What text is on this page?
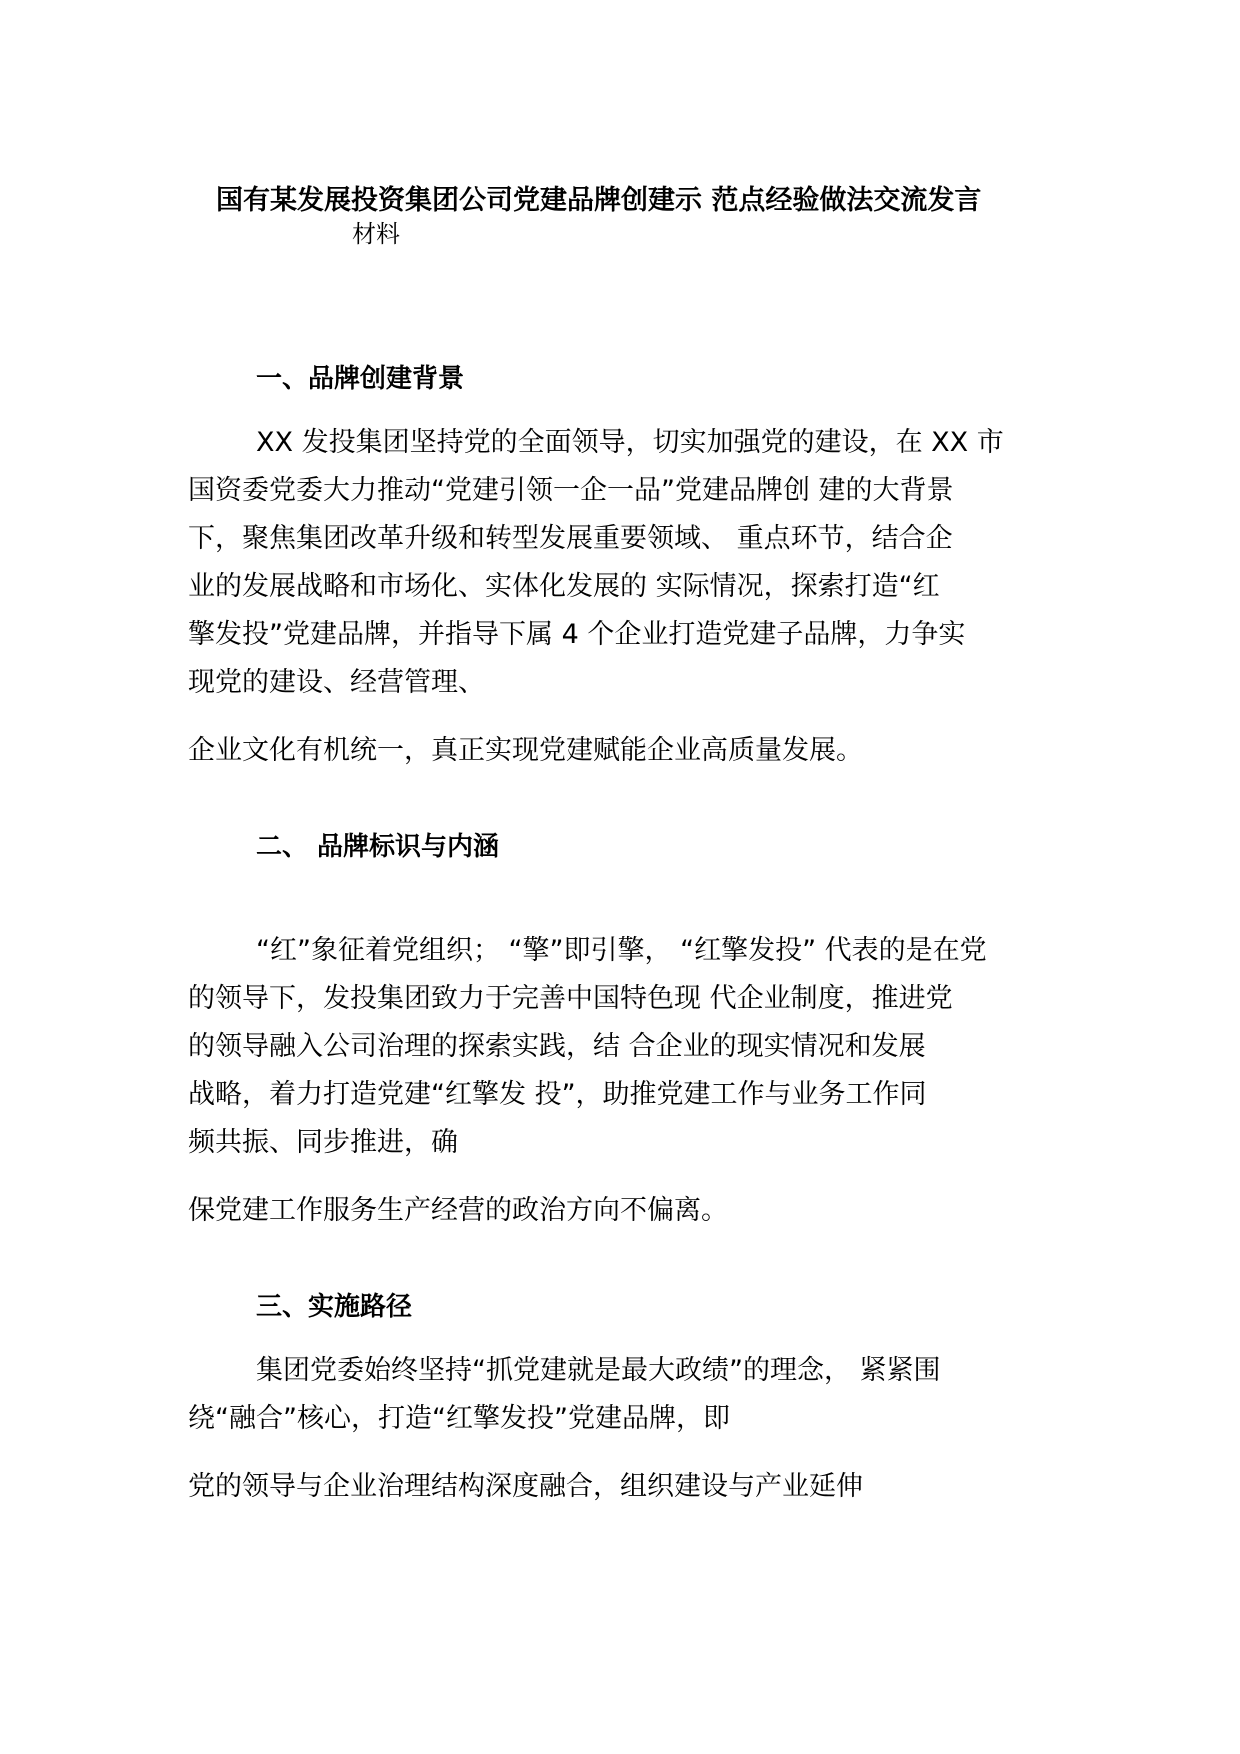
国有某发展投资集团公司党建品牌创建示 范点经验做法交流发言
材料
一、品牌创建背景
XX 发投集团坚持党的全面领导，切实加强党的建设，在 XX 市
国资委党委大力推动“党建引领一企一品”党建品牌创 建的大背景
下，聚焦集团改革升级和转型发展重要领域、 重点环节，结合企
业的发展战略和市场化、实体化发展的 实际情况，探索打造“红
擎发投”党建品牌，并指导下属 4 个企业打造党建子品牌，力争实
现党的建设、经营管理、
企业文化有机统一，真正实现党建赋能企业高质量发展。
二、 品牌标识与内涵
“红”象征着党组织； “擎”即引擎， “红擎发投” 代表的是在党
的领导下，发投集团致力于完善中国特色现 代企业制度，推进党
的领导融入公司治理的探索实践，结 合企业的现实情况和发展
战略，着力打造党建“红擎发 投”，助推党建工作与业务工作同
频共振、同步推进，确
保党建工作服务生产经营的政治方向不偏离。
三、实施路径
集团党委始终坚持“抓党建就是最大政绩”的理念， 紧紧围
绕“融合”核心，打造“红擎发投”党建品牌，即
党的领导与企业治理结构深度融合，组织建设与产业延伸
